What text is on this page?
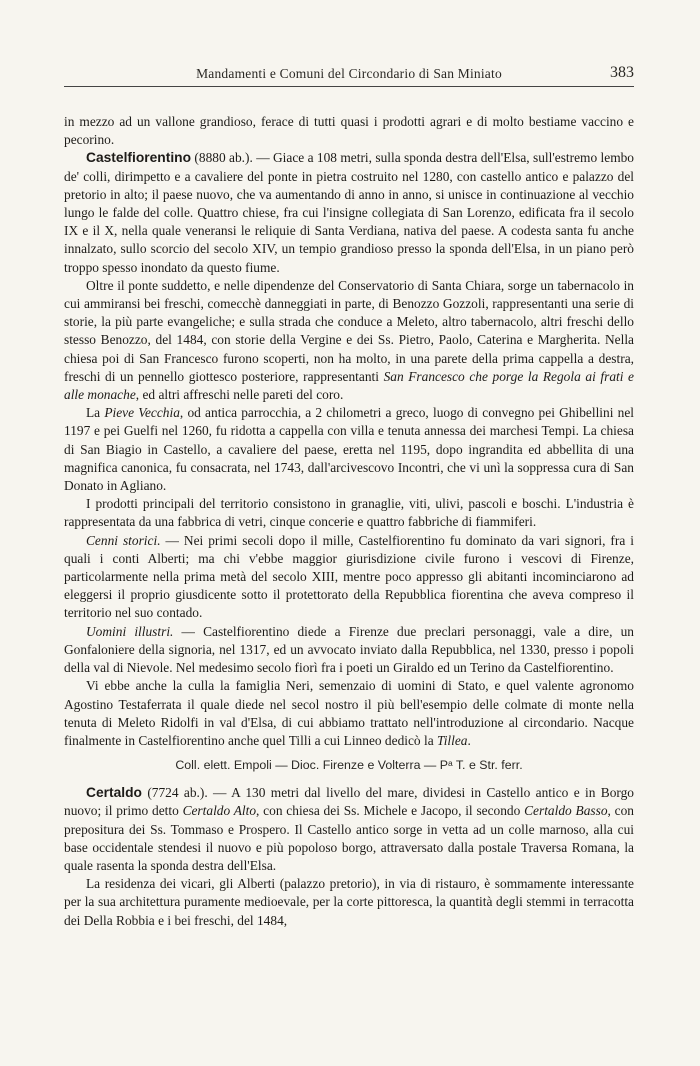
Mandamenti e Comuni del Circondario di San Miniato	383

in mezzo ad un vallone grandioso, ferace di tutti quasi i prodotti agrari e di molto bestiame vaccino e pecorino.

Castelfiorentino (8880 ab.). — Giace a 108 metri, sulla sponda destra dell'Elsa, sull'estremo lembo de' colli, dirimpetto e a cavaliere del ponte in pietra costruito nel 1280, con castello antico e palazzo del pretorio in alto; il paese nuovo, che va aumentando di anno in anno, si unisce in continuazione al vecchio lungo le falde del colle. Quattro chiese, fra cui l'insigne collegiata di San Lorenzo, edificata fra il secolo IX e il X, nella quale veneransi le reliquie di Santa Verdiana, nativa del paese. A codesta santa fu anche innalzato, sullo scorcio del secolo XIV, un tempio grandioso presso la sponda dell'Elsa, in un piano però troppo spesso inondato da questo fiume.

Oltre il ponte suddetto, e nelle dipendenze del Conservatorio di Santa Chiara, sorge un tabernacolo in cui ammiransi bei freschi, comecchè danneggiati in parte, di Benozzo Gozzoli, rappresentanti una serie di storie, la più parte evangeliche; e sulla strada che conduce a Meleto, altro tabernacolo, altri freschi dello stesso Benozzo, del 1484, con storie della Vergine e dei Ss. Pietro, Paolo, Caterina e Margherita. Nella chiesa poi di San Francesco furono scoperti, non ha molto, in una parete della prima cappella a destra, freschi di un pennello giottesco posteriore, rappresentanti San Francesco che porge la Regola ai frati e alle monache, ed altri affreschi nelle pareti del coro.

La Pieve Vecchia, od antica parrocchia, a 2 chilometri a greco, luogo di convegno pei Ghibellini nel 1197 e pei Guelfi nel 1260, fu ridotta a cappella con villa e tenuta annessa dei marchesi Tempi. La chiesa di San Biagio in Castello, a cavaliere del paese, eretta nel 1195, dopo ingrandita ed abbellita di una magnifica canonica, fu consacrata, nel 1743, dall'arcivescovo Incontri, che vi unì la soppressa cura di San Donato in Agliano.

I prodotti principali del territorio consistono in granaglie, viti, ulivi, pascoli e boschi. L'industria è rappresentata da una fabbrica di vetri, cinque concerie e quattro fabbriche di fiammiferi.

Cenni storici. — Nei primi secoli dopo il mille, Castelfiorentino fu dominato da vari signori, fra i quali i conti Alberti; ma chi v'ebbe maggior giurisdizione civile furono i vescovi di Firenze, particolarmente nella prima metà del secolo XIII, mentre poco appresso gli abitanti incominciarono ad eleggersi il proprio giusdicente sotto il protettorato della Repubblica fiorentina che aveva compreso il territorio nel suo contado.

Uomini illustri. — Castelfiorentino diede a Firenze due preclari personaggi, vale a dire, un Gonfaloniere della signoria, nel 1317, ed un avvocato inviato dalla Repubblica, nel 1330, presso i popoli della val di Nievole. Nel medesimo secolo fiorì fra i poeti un Giraldo ed un Terino da Castelfiorentino.

Vi ebbe anche la culla la famiglia Neri, semenzaio di uomini di Stato, e quel valente agronomo Agostino Testaferrata il quale diede nel secol nostro il più bell'esempio delle colmate di monte nella tenuta di Meleto Ridolfi in val d'Elsa, di cui abbiamo trattato nell'introduzione al circondario. Nacque finalmente in Castelfiorentino anche quel Tilli a cui Linneo dedicò la Tillea.

Coll. elett. Empoli — Dioc. Firenze e Volterra — Pᵃ T. e Str. ferr.

Certaldo (7724 ab.). — A 130 metri dal livello del mare, dividesi in Castello antico e in Borgo nuovo; il primo detto Certaldo Alto, con chiesa dei Ss. Michele e Jacopo, il secondo Certaldo Basso, con prepositura dei Ss. Tommaso e Prospero. Il Castello antico sorge in vetta ad un colle marnoso, alla cui base occidentale stendesi il nuovo e più popoloso borgo, attraversato dalla postale Traversa Romana, la quale rasenta la sponda destra dell'Elsa.

La residenza dei vicari, gli Alberti (palazzo pretorio), in via di ristauro, è sommamente interessante per la sua architettura puramente medioevale, per la corte pittoresca, la quantità degli stemmi in terracotta dei Della Robbia e i bei freschi, del 1484,
